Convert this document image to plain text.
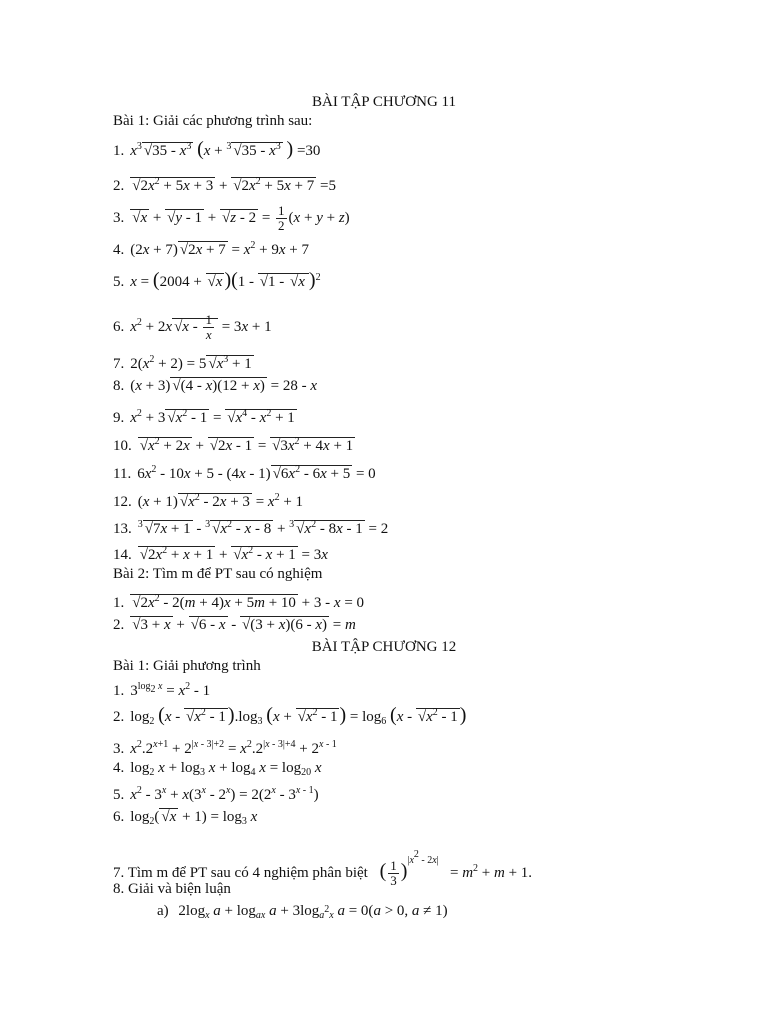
BÀI TẬP CHƯƠNG 11
Bài 1: Giải các phương trình sau:
1. $x^3√$ $35 - x^3$ (x + $^3$√ $35 - x^3$ ) =30
2.√ $2x^2 + 5x + 3$ + √ $2x^2 + 5x + 7 =5$
3.√ x + √ y - 1 + √ $z - 2 = \frac{1}{2} (x + y + z)$
4. (2x + 7)√ $2x + 7 = x^2 + 9x + 7$
5. x = (2004 + √ x )(1 - √ 1 - √ x )$^2$
6. $x^2 + 2x√$ $x - \frac{1}{x} = 3x + 1$
7. $2(x^2 + 2) = 5√$ $x^3 + 1$
8. (x + 3)√ (4 - x)(12 + x) = 28 - x
9. $x^2 + 3√$ $x^2 - 1$ = √ $x^4 - x^2 + 1$
10.√ $x^2 + 2x$ + √ 2x - 1 = √ $3x^2 + 4x + 1$
11. $6x^2 - 10x + 5 - (4x - 1)√$ $6x^2 - 6x + 5 = 0$
12. (x + 1)√ $x^2 - 2x + 3 = x^2 + 1$
13. $^3$√ 7x + 1 - $^3$√ $x^2 - x - 8 + ^3√$ $x^2 - 8x - 1 = 2$
14.√ $2x^2 + x + 1$ + √ $x^2 - x + 1 = 3x$
Bài 2: Tìm m để PT sau có nghiệm
1.√ $2x^2 - 2(m + 4)x + 5m + 10 + 3 - x = 0$
2.√ 3 + x + √ 6 - x - √ (3 + x)(6 - x) = m
BÀI TẬP CHƯƠNG 12
Bài 1: Giải phương trình
1. $3^{log_2 x} = x^2 - 1$
2. $\log_2 (x$ - √ $x^2 - 1$ )$.\log_3$ (x + √ $x^2 - 1$ ) = $\log_6 (x$ - √ $x^2 - 1$ )
3. $x^2.2^{x+1} + 2^{|x - 3|+2} = x^2.2^{|x - 3|+4} + 2^{x - 1}$
4. $\log_2 x + \log_3 x + \log_4 x = \log_{20} x$
5. $x^2 - 3^x + x(3^x - 2^x) = 2(2^x - 3^{x - 1})$
6. $\log_2(√$ $x + 1) = \log_3 x$
7. Tìm m để PT sau có 4 nghiệm phân biệt ( $\frac{1}{3} )^{|x^2 - 2x|} = m^2 + m + 1$.
8. Giải và biện luận
a) $2\log_x$ $a + \log_{ax} a + 3\log_{a^2x}$ a = 0(a > 0, a ≠ 1)
